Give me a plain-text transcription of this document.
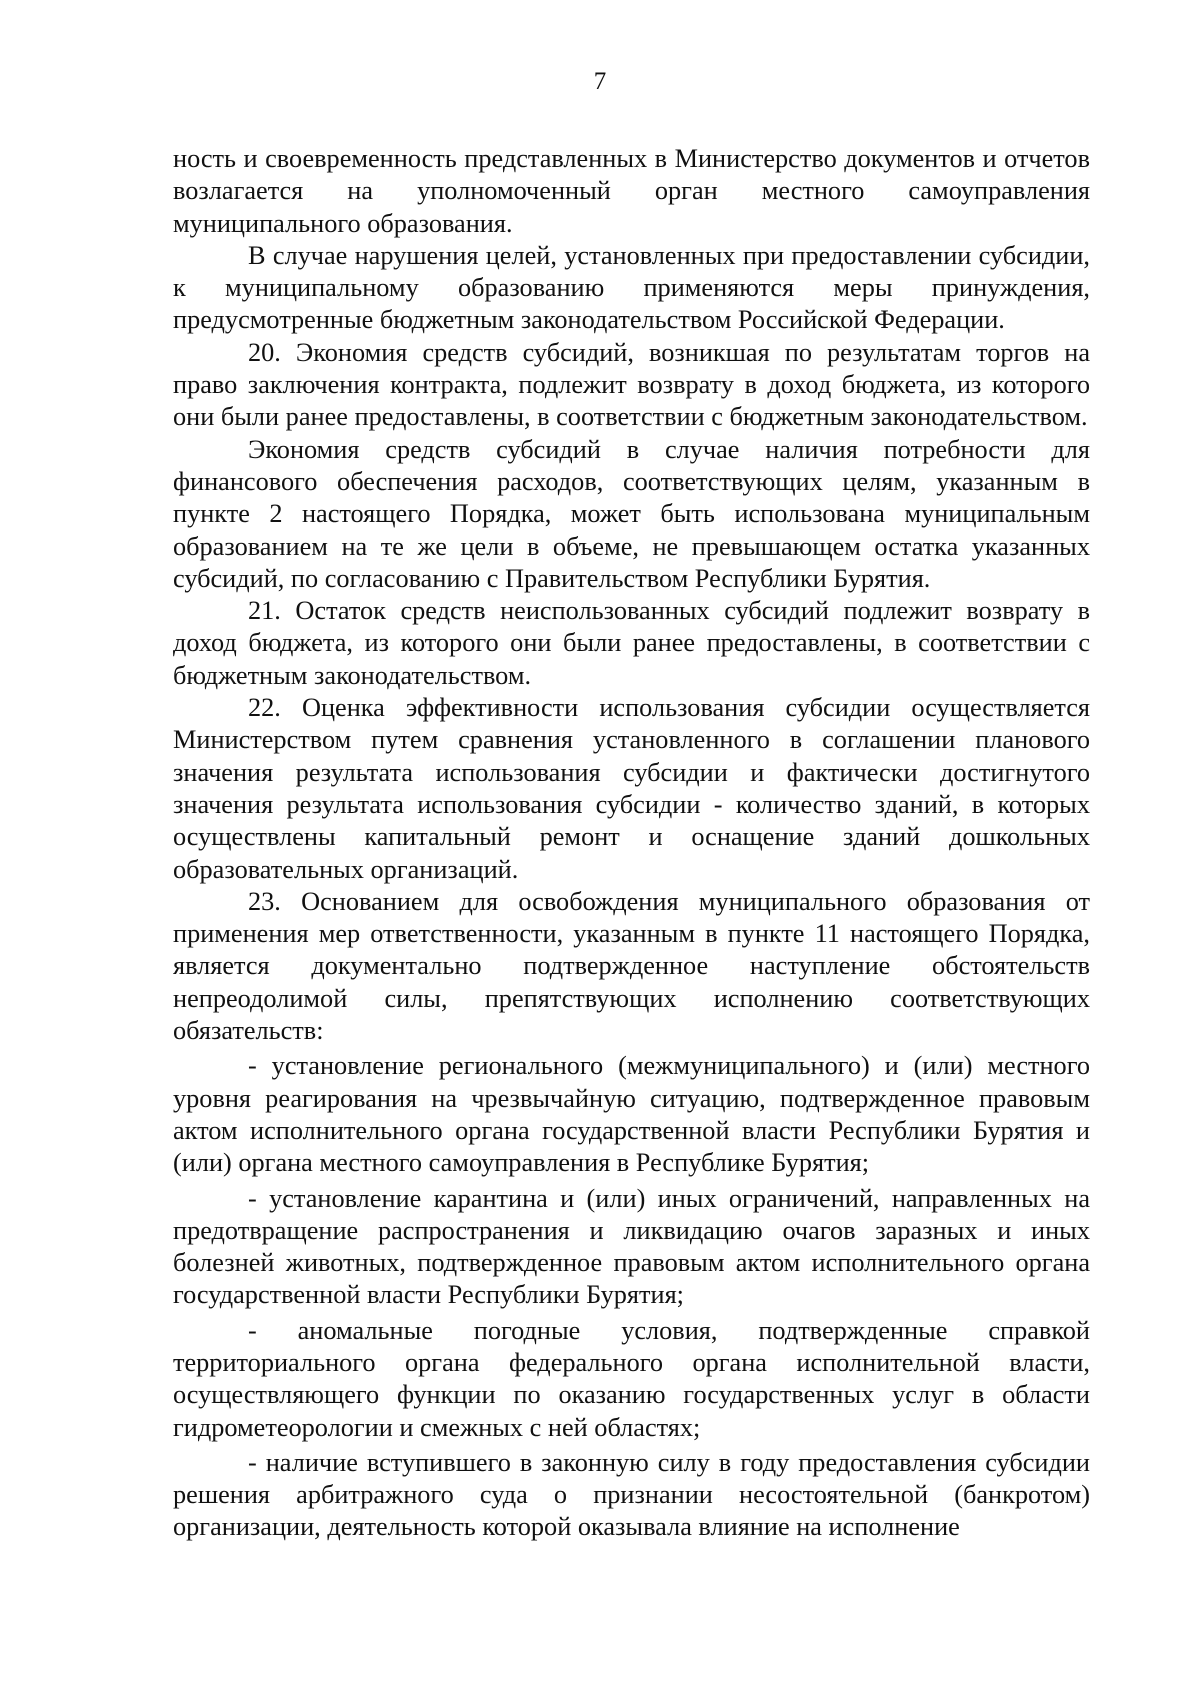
7

ность и своевременность представленных в Министерство документов и отчетов возлагается на уполномоченный орган местного самоуправления муниципального образования.

В случае нарушения целей, установленных при предоставлении субсидии, к муниципальному образованию применяются меры принуждения, предусмотренные бюджетным законодательством Российской Федерации.

20. Экономия средств субсидий, возникшая по результатам торгов на право заключения контракта, подлежит возврату в доход бюджета, из которого они были ранее предоставлены, в соответствии с бюджетным законодательством.

Экономия средств субсидий в случае наличия потребности для финансового обеспечения расходов, соответствующих целям, указанным в пункте 2 настоящего Порядка, может быть использована муниципальным образованием на те же цели в объеме, не превышающем остатка указанных субсидий, по согласованию с Правительством Республики Бурятия.

21. Остаток средств неиспользованных субсидий подлежит возврату в доход бюджета, из которого они были ранее предоставлены, в соответствии с бюджетным законодательством.

22. Оценка эффективности использования субсидии осуществляется Министерством путем сравнения установленного в соглашении планового значения результата использования субсидии и фактически достигнутого значения результата использования субсидии - количество зданий, в которых осуществлены капитальный ремонт и оснащение зданий дошкольных образовательных организаций.

23. Основанием для освобождения муниципального образования от применения мер ответственности, указанным в пункте 11 настоящего Порядка, является документально подтвержденное наступление обстоятельств непреодолимой силы, препятствующих исполнению соответствующих обязательств:

- установление регионального (межмуниципального) и (или) местного уровня реагирования на чрезвычайную ситуацию, подтвержденное правовым актом исполнительного органа государственной власти Республики Бурятия и (или) органа местного самоуправления в Республике Бурятия;

- установление карантина и (или) иных ограничений, направленных на предотвращение распространения и ликвидацию очагов заразных и иных болезней животных, подтвержденное правовым актом исполнительного органа государственной власти Республики Бурятия;

- аномальные погодные условия, подтвержденные справкой территориального органа федерального органа исполнительной власти, осуществляющего функции по оказанию государственных услуг в области гидрометеорологии и смежных с ней областях;

- наличие вступившего в законную силу в году предоставления субсидии решения арбитражного суда о признании несостоятельной (банкротом) организации, деятельность которой оказывала влияние на исполнение
